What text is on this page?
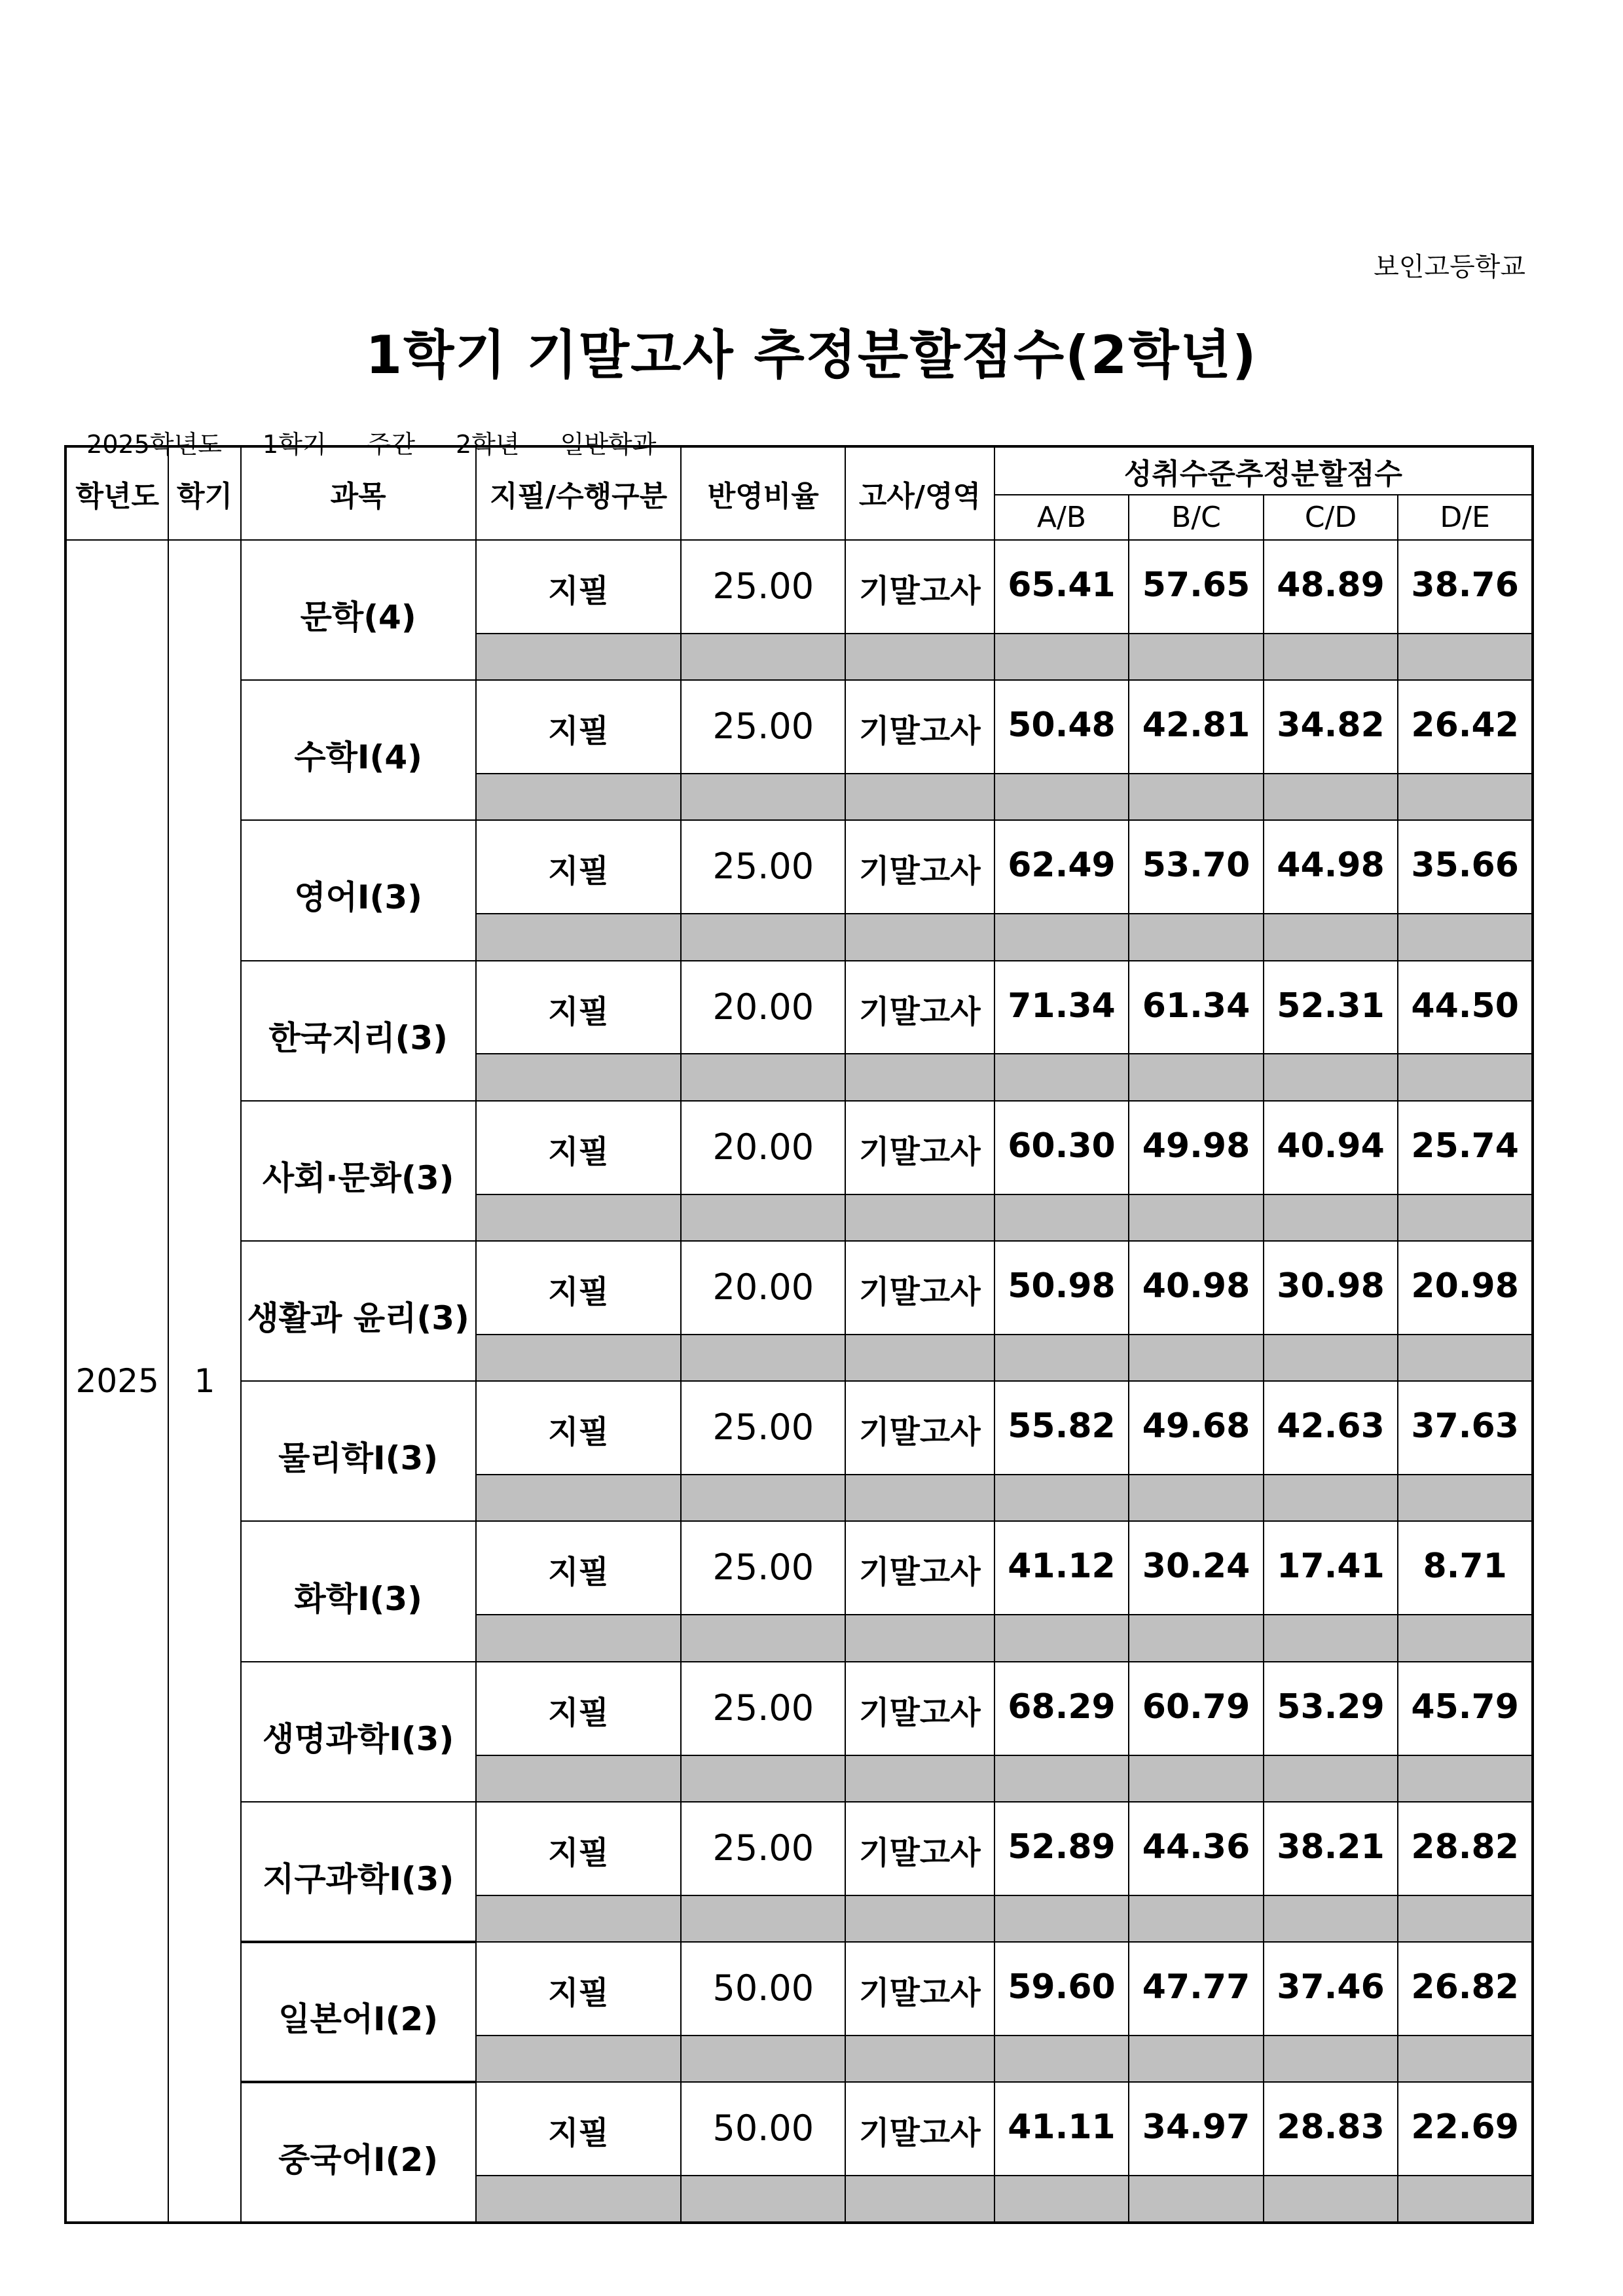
보인고등학교
1학기 기말고사 추정분할점수(2학년)

2025학년도 1학기 주간 2학년 일반학과

학년도	학기	과목	지필/수행구분	반영비율	고사/영역	성취수준추정분할점수			
						A/B	B/C	C/D	D/E
2025	1	문학(4)	지필	25.00	기말고사	65.41	57.65	48.89	38.76

		수학Ⅰ(4)	지필	25.00	기말고사	50.48	42.81	34.82	26.42

		영어Ⅰ(3)	지필	25.00	기말고사	62.49	53.70	44.98	35.66

		한국지리(3)	지필	20.00	기말고사	71.34	61.34	52.31	44.50

		사회·문화(3)	지필	20.00	기말고사	60.30	49.98	40.94	25.74

		생활과 윤리(3)	지필	20.00	기말고사	50.98	40.98	30.98	20.98

		물리학Ⅰ(3)	지필	25.00	기말고사	55.82	49.68	42.63	37.63

		화학Ⅰ(3)	지필	25.00	기말고사	41.12	30.24	17.41	8.71

		생명과학Ⅰ(3)	지필	25.00	기말고사	68.29	60.79	53.29	45.79

		지구과학Ⅰ(3)	지필	25.00	기말고사	52.89	44.36	38.21	28.82

		일본어Ⅰ(2)	지필	50.00	기말고사	59.60	47.77	37.46	26.82

		중국어Ⅰ(2)	지필	50.00	기말고사	41.11	34.97	28.83	22.69
